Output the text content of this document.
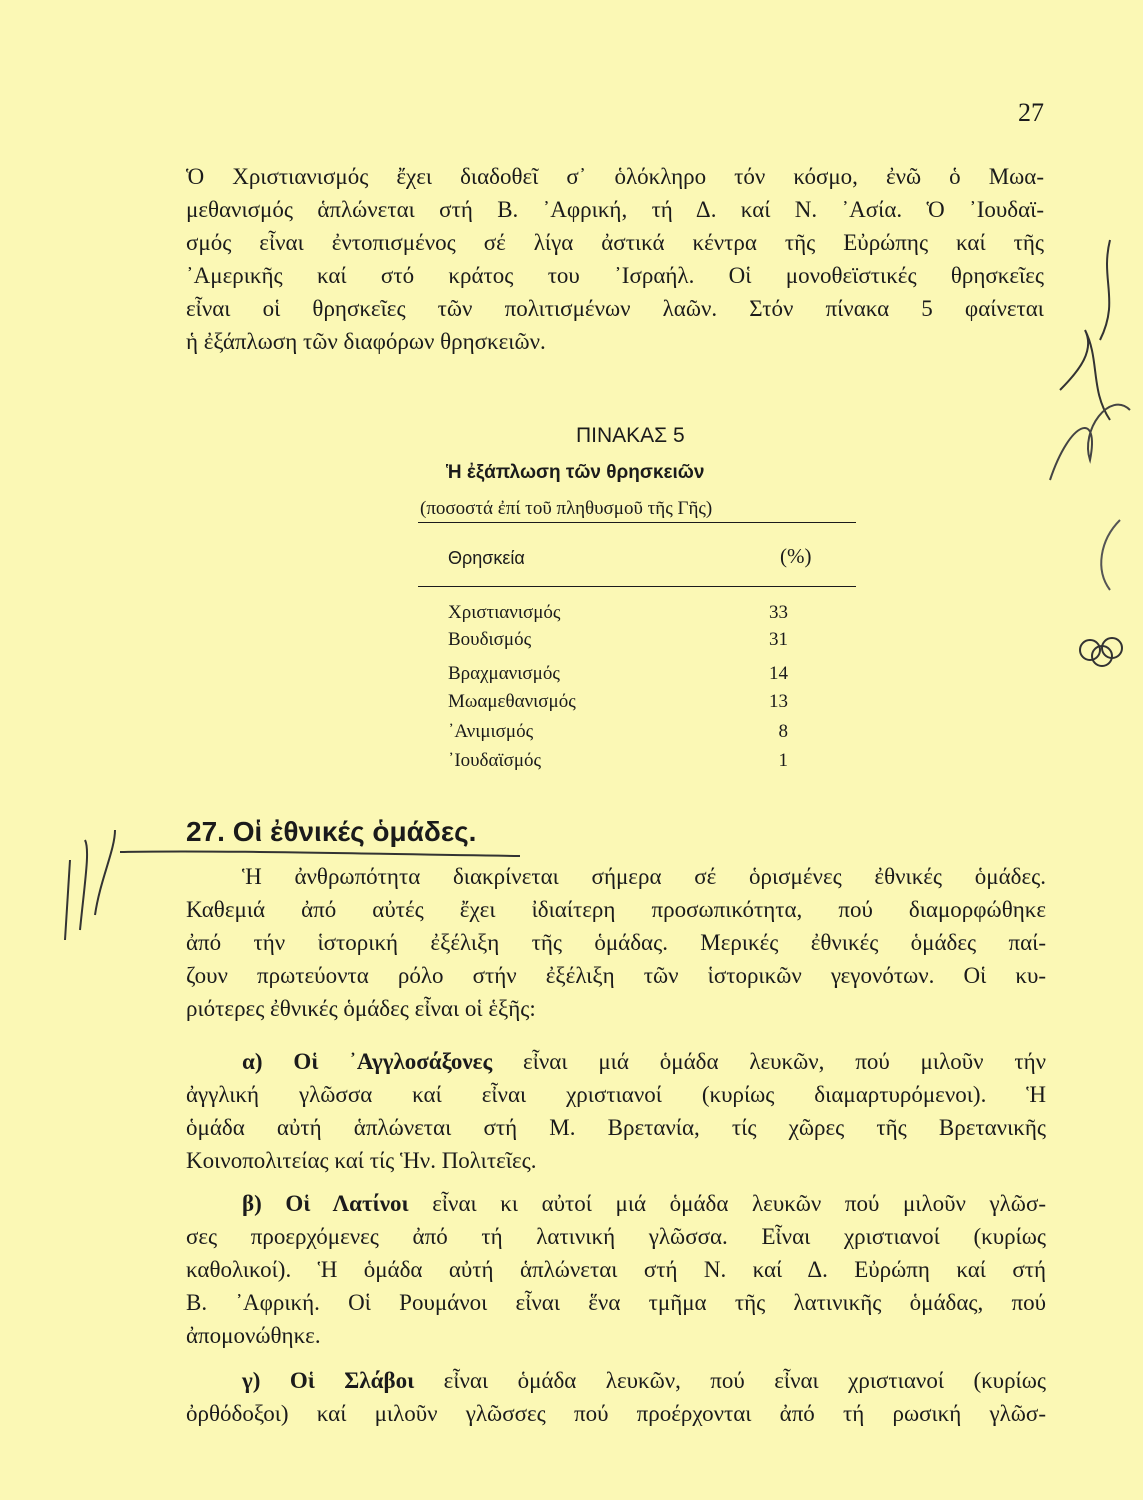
27
Ὁ Χριστιανισμός ἔχει διαδοθεῖ σ᾽ ὁλόκληρο τόν κόσμο, ἐνῶ ὁ Μωα-
μεθανισμός ἁπλώνεται στή Β. ᾽Αφρική, τή Δ. καί Ν. ᾽Ασία. Ὁ ᾽Ιουδαϊ-
σμός εἶναι ἐντοπισμένος σέ λίγα ἀστικά κέντρα τῆς Εὐρώπης καί τῆς
᾽Αμερικῆς καί στό κράτος του ᾽Ισραήλ. Οἱ μονοθεϊστικές θρησκεῖες
εἶναι οἱ θρησκεῖες τῶν πολιτισμένων λαῶν. Στόν πίνακα 5 φαίνεται
ἡ ἐξάπλωση τῶν διαφόρων θρησκειῶν.
ΠΙΝΑΚΑΣ 5
Ἡ ἐξάπλωση τῶν θρησκειῶν
(ποσοστά ἐπί τοῦ πληθυσμοῦ τῆς Γῆς)
Θρησκεία	(%)
Χριστιανισμός	33
Βουδισμός	31
Βραχμανισμός	14
Μωαμεθανισμός	13
᾽Ανιμισμός	8
᾽Ιουδαϊσμός	1
27. Οἱ ἐθνικές ὁμάδες.
Ἡ ἀνθρωπότητα διακρίνεται σήμερα σέ ὁρισμένες ἐθνικές ὁμάδες.
Καθεμιά ἀπό αὐτές ἔχει ἰδιαίτερη προσωπικότητα, πού διαμορφώθηκε
ἀπό τήν ἱστορική ἐξέλιξη τῆς ὁμάδας. Μερικές ἐθνικές ὁμάδες παί-
ζουν πρωτεύοντα ρόλο στήν ἐξέλιξη τῶν ἱστορικῶν γεγονότων. Οἱ κυ-
ριότερες ἐθνικές ὁμάδες εἶναι οἱ ἑξῆς:
α) Οἱ ᾽Αγγλοσάξονες εἶναι μιά ὁμάδα λευκῶν, πού μιλοῦν τήν
ἀγγλική γλῶσσα καί εἶναι χριστιανοί (κυρίως διαμαρτυρόμενοι). Ἡ
ὁμάδα αὐτή ἁπλώνεται στή Μ. Βρετανία, τίς χῶρες τῆς Βρετανικῆς
Κοινοπολιτείας καί τίς Ἡν. Πολιτεῖες.
β) Οἱ Λατίνοι εἶναι κι αὐτοί μιά ὁμάδα λευκῶν πού μιλοῦν γλῶσ-
σες προερχόμενες ἀπό τή λατινική γλῶσσα. Εἶναι χριστιανοί (κυρίως
καθολικοί). Ἡ ὁμάδα αὐτή ἁπλώνεται στή Ν. καί Δ. Εὐρώπη καί στή
Β. ᾽Αφρική. Οἱ Ρουμάνοι εἶναι ἕνα τμῆμα τῆς λατινικῆς ὁμάδας, πού
ἀπομονώθηκε.
γ) Οἱ Σλάβοι εἶναι ὁμάδα λευκῶν, πού εἶναι χριστιανοί (κυρίως
ὀρθόδοξοι) καί μιλοῦν γλῶσσες πού προέρχονται ἀπό τή ρωσική γλῶσ-
